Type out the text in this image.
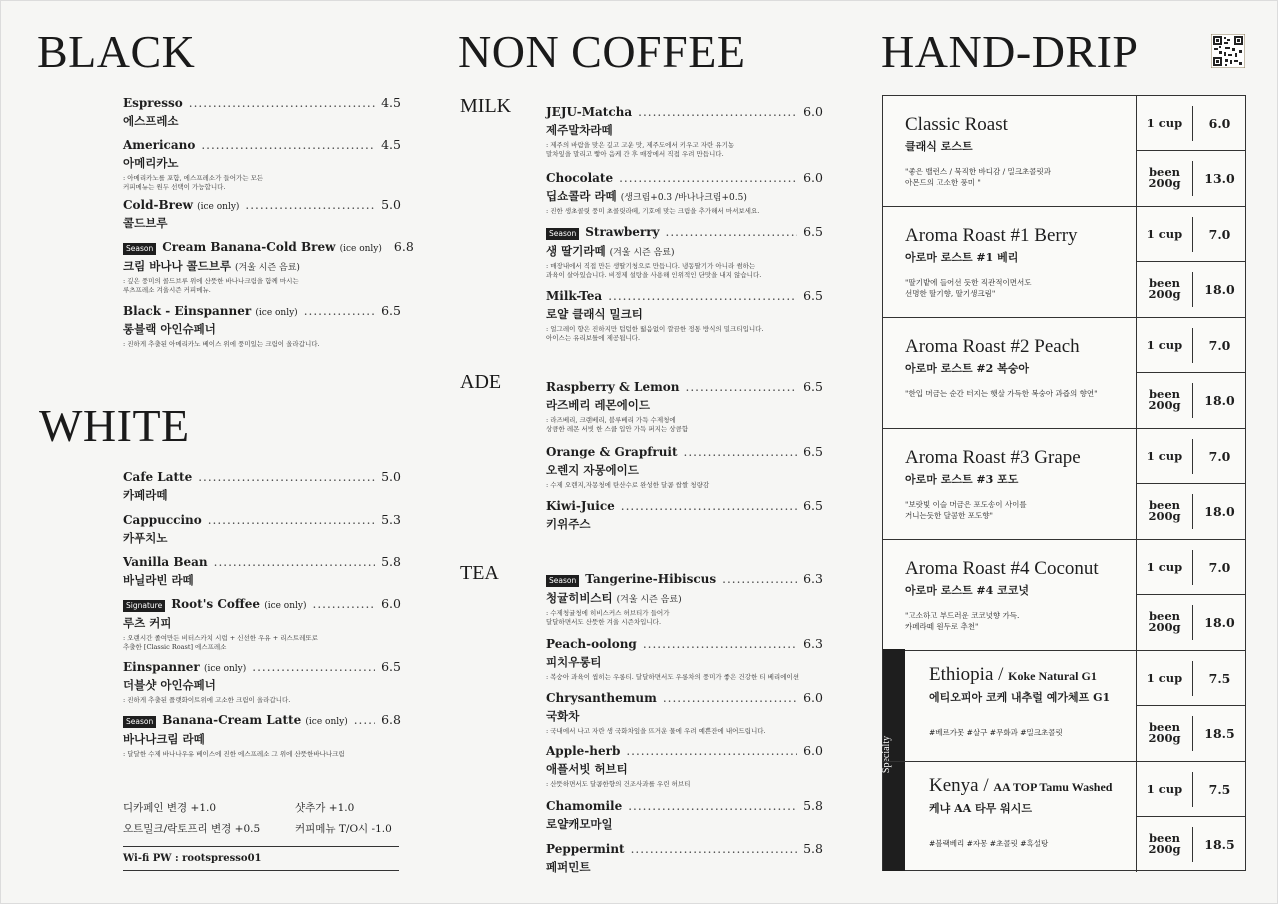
BLACK
WHITE
NON COFFEE	HAND-DRIP
Espresso .....	4.5
에스프레소
Americano .....	4.5
아메리카노
: 아메리카노를 포함, 에스프레소가 들어가는 모든
커피메뉴는 원두 선택이 가능합니다.
Cold-Brew (ice only) .....	5.0
콜드브루
Season Cream Banana-Cold Brew (ice only) 6.8
크림 바나나 콜드브루 (겨울 시즌 음료)
: 깊은 풍미의 콜드브루 위에 산뜻한 바나나크림을 함께 마시는
루츠프레소 겨울시즌 커피메뉴.
Black - Einspanner (ice only) .....	6.5
롱블랙 아인슈페너
: 진하게 추출된 아메리카노 베이스 위에 풍미있는 크림이 올라갑니다.
Cafe Latte .....	5.0
카페라떼
Cappuccino .....	5.3
카푸치노
Vanilla Bean .....	5.8
바닐라빈 라떼
Signature Root's Coffee (ice only) .....	6.0
루츠 커피
: 오랜시간 졸여만든 비터스카치 시럽 + 신선한 우유 + 리스트레또로
추출한 [Classic Roast] 에스프레소
Einspanner (ice only) .....	6.5
더블샷 아인슈페너
: 진하게 추출된 플랫화이트위에 고소한 크림이 올라갑니다.
Season Banana-Cream Latte (ice only) .....	6.8
바나나크림 라떼
: 달달한 수제 바나나우유 베이스에 진한 에스프레소 그 위에 산뜻한바나나크림
디카페인 변경 +1.0	샷추가 +1.0
오트밀크/락토프리 변경 +0.5	커피메뉴 T/O시 -1.0
Wi-fi PW : rootspresso01
MILK
ADE
TEA
JEJU-Matcha .....	6.0
제주말차라떼
: 제주의 바람을 맞은 깊고 고운 맛, 제주도에서 키우고 자란 유기농
말차잎을 말리고 빻아 음케 간 후 매장에서 직접 우려 만듭니다.
Chocolate .....	6.0
딥쇼콜라 라떼 (생크림+0.3 /바나나크림+0.5)
: 진한 생초콜릿 풍미 초콜릿라떼, 기호에 맞는 크림을 추가해서 마셔보세요.
Season Strawberry .....	6.5
생 딸기라떼 (겨울 시즌 음료)
: 매장내에서 직접 만든 생딸기청으로 만듭니다. 냉동딸기가 아니라 썸하는
과육이 살아있습니다. 비정제 설탕을 사용해 인위적인 단맛을 내지 않습니다.
Milk-Tea .....	6.5
로얄 클래식 밀크티
: 얼그레이 향은 진하지만 텁텁한 떫음없이 깔끔한 정통 방식의 밀크티입니다.
아이스는 유리보틀에 제공됩니다.
Raspberry & Lemon .....	6.5
라즈베리 레몬에이드
: 라즈베리, 크랜베리, 블루베리 가득 수제청에
상큼한 레몬 서빗 한 스쿱 입안 가득 퍼지는 상큼함
Orange & Grapfruit .....	6.5
오렌지 자몽에이드
: 수제 오렌지,자몽청에 탄산수로 완성한 달콤 쌉쌀 청량감
Kiwi-Juice .....	6.5
키위주스
Season Tangerine-Hibiscus .....	6.3
청귤히비스티 (겨울 시즌 음료)
: 수제청귤청에 히비스커스 허브티가 들어가
달달하면서도 산뜻한 겨울 시즌차입니다.
Peach-oolong .....	6.3
피치우롱티
: 복숭아 과육이 씹히는 우롱티. 달달하면서도 우롱차의 풍미가 좋은 건강한 티 베리에이션
Chrysanthemum .....	6.0
국화차
: 국내에서 나고 자란 생 국화차잎을 뜨거운 물에 우려 예쁜잔에 내어드립니다.
Apple-herb .....	6.0
애플서빗 허브티
: 산뜻하면서도 달콤한향의 건조사과를 우린 허브티
Chamomile .....	5.8
로얄캐모마일
Peppermint .....	5.8
페퍼민트
Classic Roast
클래식 로스트
"좋은 밸런스 / 묵직한 바디감 / 밀크초콜릿과
아몬드의 고소한 풍미 "
1 cup	6.0
been
200g	13.0
Aroma Roast #1 Berry
아로마 로스트 #1 베리
"딸기밭에 들어선 듯한 직관적이면서도
선명한 딸기향, 딸기생크림"
1 cup	7.0
been
200g	18.0
Aroma Roast #2 Peach
아로마 로스트 #2 복숭아
"한입 머금는 순간 터지는 햇살 가득한 복숭아 과즙의 향연"
1 cup	7.0
been
200g	18.0
Aroma Roast #3 Grape
아로마 로스트 #3 포도
"보랏빛 이슬 머금은 포도송이 사이를
거니는듯한 달콤한 포도향"
1 cup	7.0
been
200g	18.0
Aroma Roast #4 Coconut
아로마 로스트 #4 코코넛
"고소하고 부드러운 코코넛향 가득.
카페라떼 원두로 추천"
1 cup	7.0
been
200g	18.0
Specialty
Ethiopia / Koke Natural G1
에티오피아 코케 내추럴 예가체프 G1
#베르가못 #살구 #무화과 #밀크초콜릿
1 cup	7.5
been
200g	18.5
Kenya / AA TOP Tamu Washed
케냐 AA 타무 워시드
#블랙베리 #자몽 #초콜릿 #흑설탕
1 cup	7.5
been
200g	18.5
